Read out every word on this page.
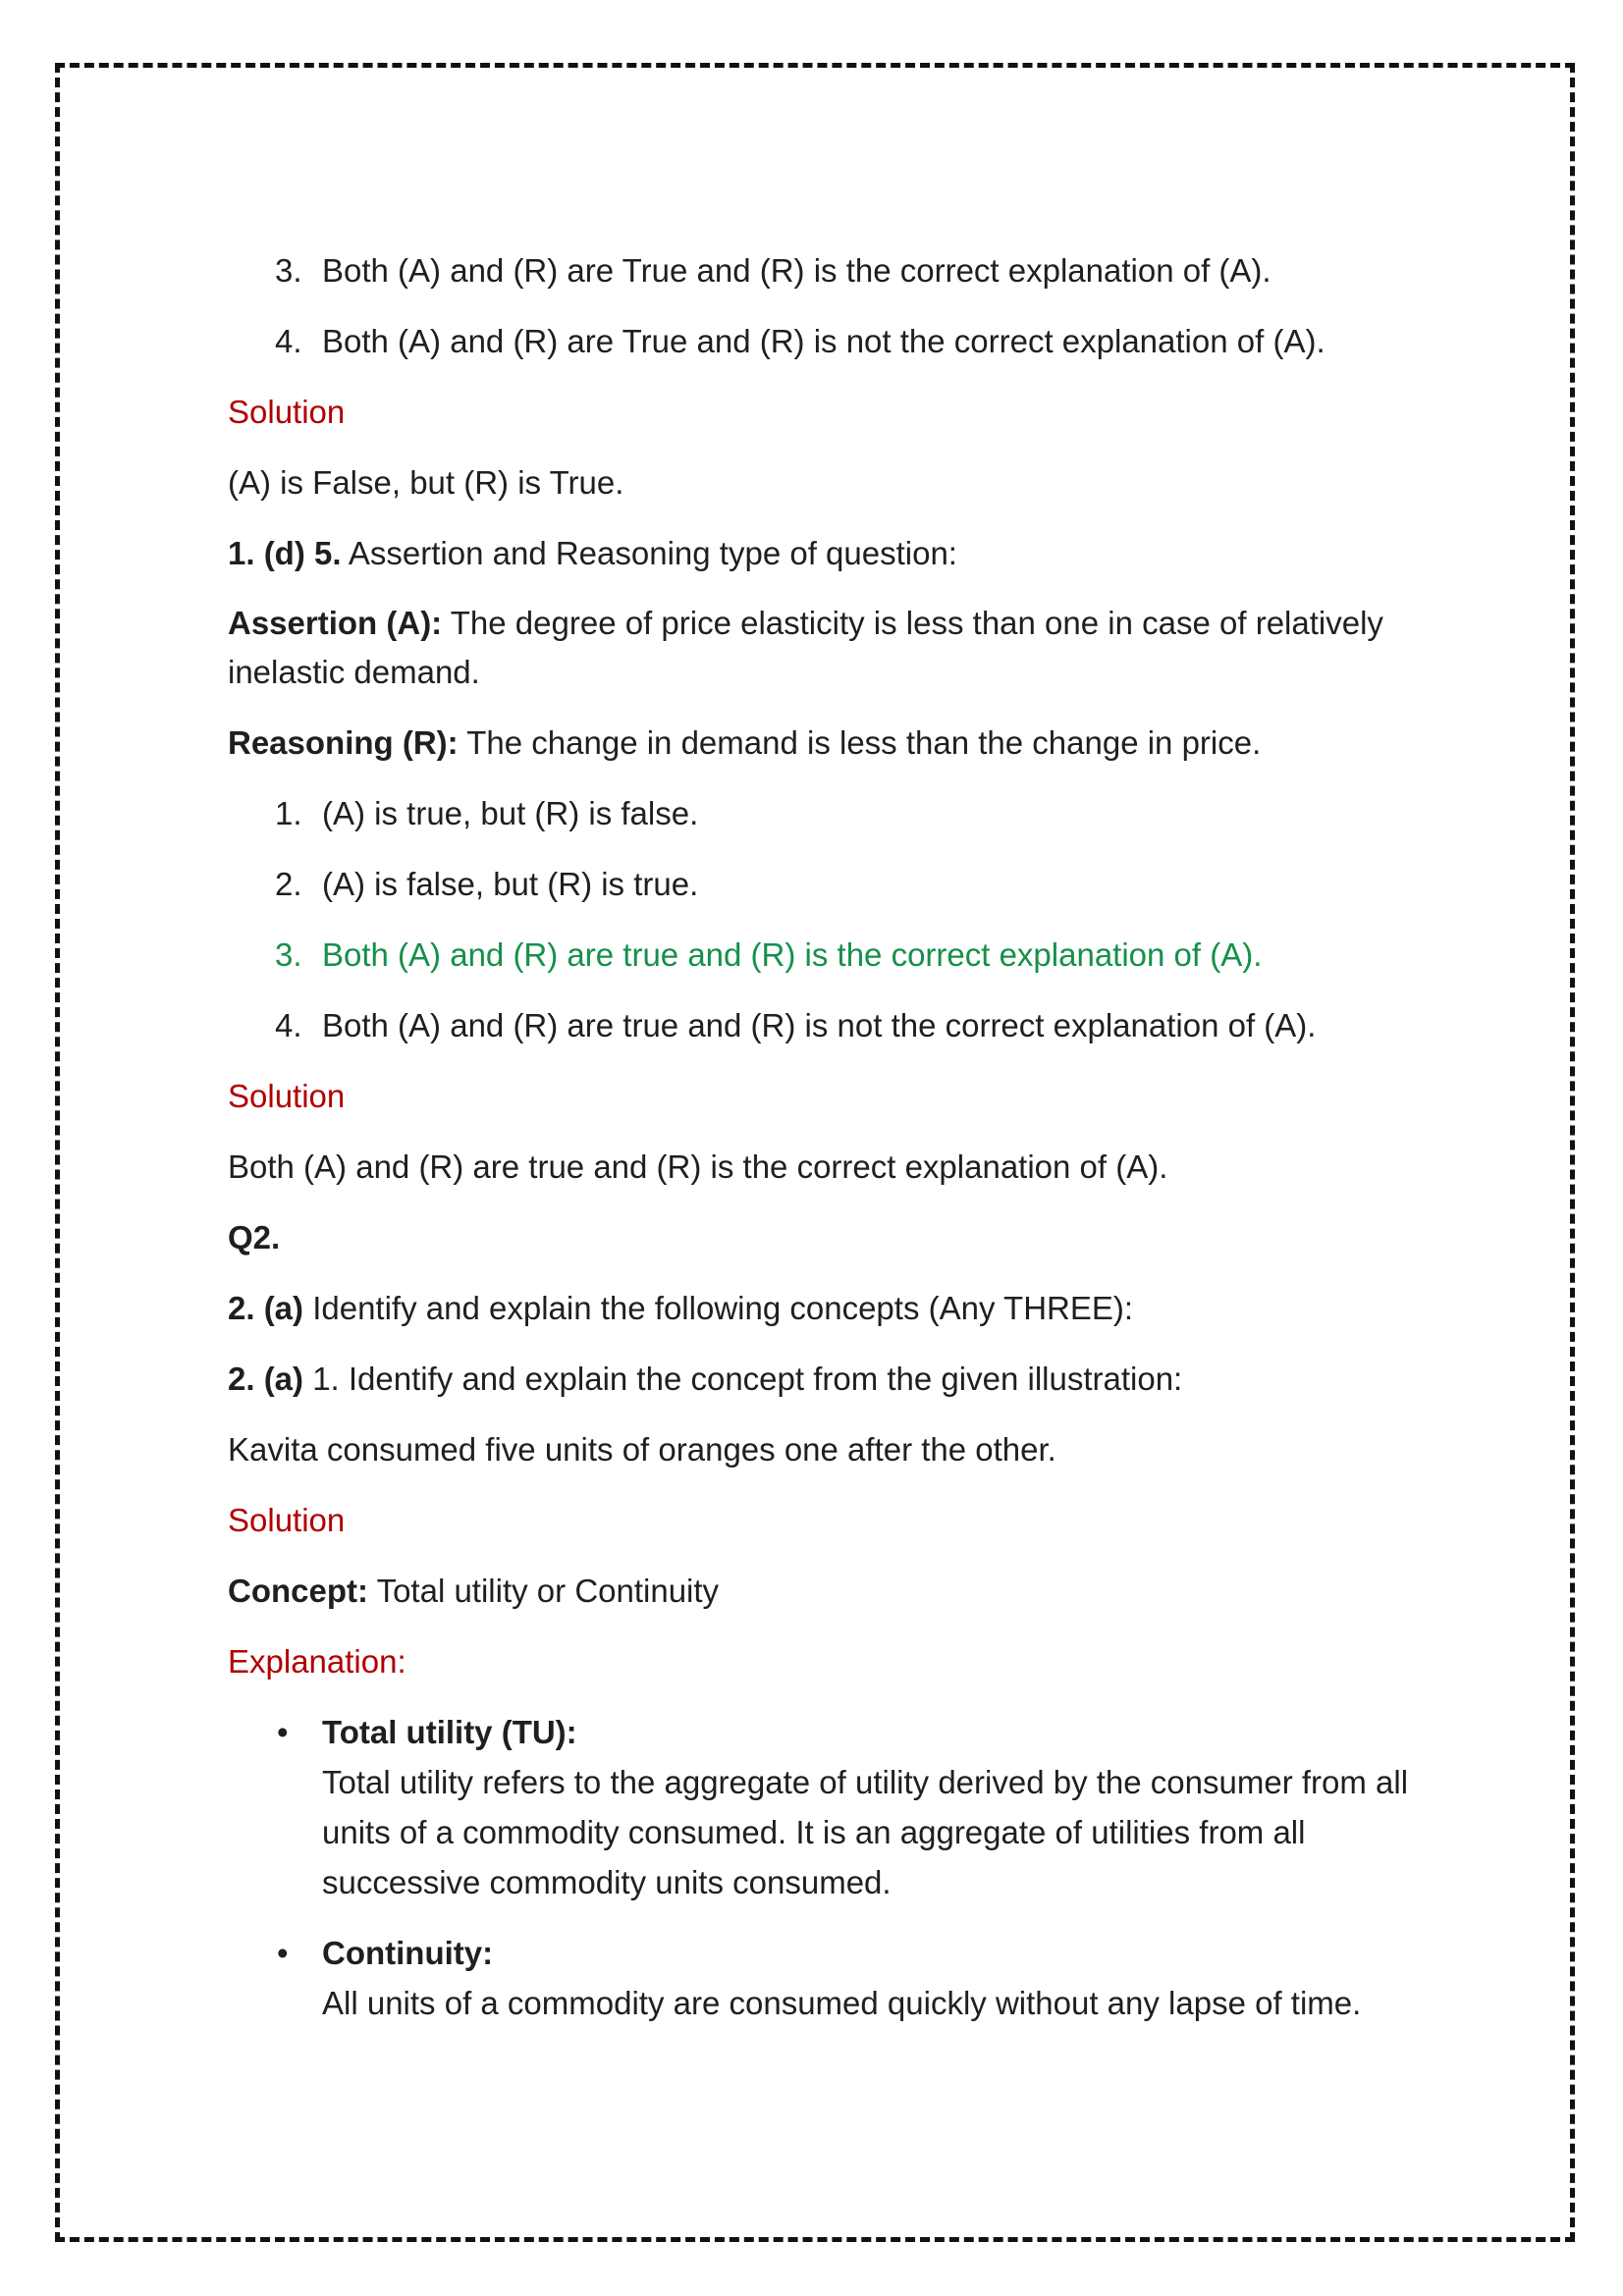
3. Both (A) and (R) are True and (R) is the correct explanation of (A).
4. Both (A) and (R) are True and (R) is not the correct explanation of (A).
Solution
(A) is False, but (R) is True.
1. (d) 5. Assertion and Reasoning type of question:
Assertion (A): The degree of price elasticity is less than one in case of relatively inelastic demand.
Reasoning (R): The change in demand is less than the change in price.
1. (A) is true, but (R) is false.
2. (A) is false, but (R) is true.
3. Both (A) and (R) are true and (R) is the correct explanation of (A).
4. Both (A) and (R) are true and (R) is not the correct explanation of (A).
Solution
Both (A) and (R) are true and (R) is the correct explanation of (A).
Q2.
2. (a) Identify and explain the following concepts (Any THREE):
2. (a) 1. Identify and explain the concept from the given illustration:
Kavita consumed five units of oranges one after the other.
Solution
Concept: Total utility or Continuity
Explanation:
• Total utility (TU):
Total utility refers to the aggregate of utility derived by the consumer from all units of a commodity consumed. It is an aggregate of utilities from all successive commodity units consumed.
• Continuity:
All units of a commodity are consumed quickly without any lapse of time.
